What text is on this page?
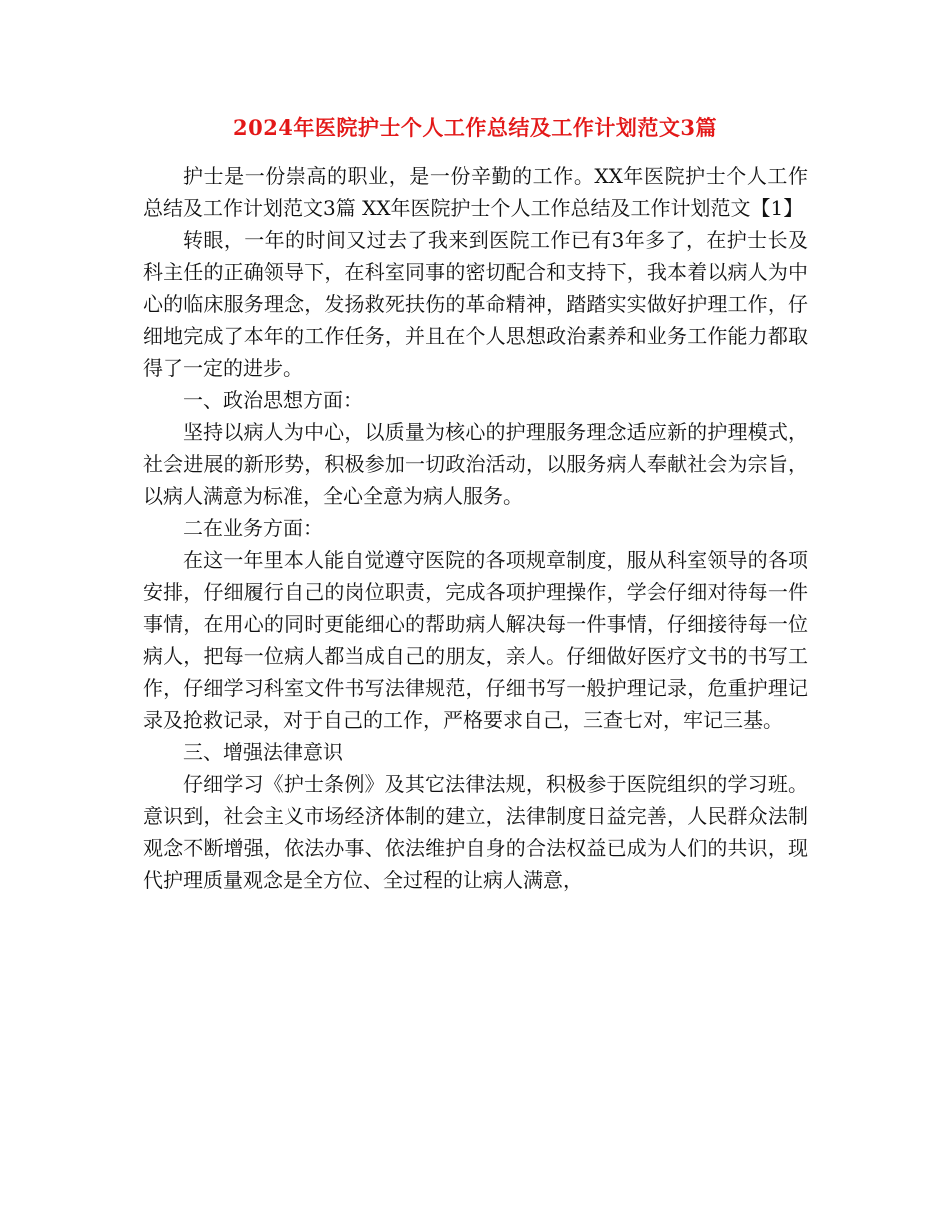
2024年医院护士个人工作总结及工作计划范文3篇

护士是一份崇高的职业，是一份辛勤的工作。XX年医院护士个人工作总结及工作计划范文3篇 XX年医院护士个人工作总结及工作计划范文【1】

转眼，一年的时间又过去了我来到医院工作已有3年多了，在护士长及科主任的正确领导下，在科室同事的密切配合和支持下，我本着以病人为中心的临床服务理念，发扬救死扶伤的革命精神，踏踏实实做好护理工作，仔细地完成了本年的工作任务，并且在个人思想政治素养和业务工作能力都取得了一定的进步。

一、政治思想方面：

坚持以病人为中心，以质量为核心的护理服务理念适应新的护理模式，社会进展的新形势，积极参加一切政治活动，以服务病人奉献社会为宗旨，以病人满意为标准，全心全意为病人服务。

二在业务方面：

在这一年里本人能自觉遵守医院的各项规章制度，服从科室领导的各项安排，仔细履行自己的岗位职责，完成各项护理操作，学会仔细对待每一件事情，在用心的同时更能细心的帮助病人解决每一件事情，仔细接待每一位病人，把每一位病人都当成自己的朋友，亲人。仔细做好医疗文书的书写工作，仔细学习科室文件书写法律规范，仔细书写一般护理记录，危重护理记录及抢救记录，对于自己的工作，严格要求自己，三查七对，牢记三基。

三、增强法律意识

仔细学习《护士条例》及其它法律法规，积极参于医院组织的学习班。意识到，社会主义市场经济体制的建立，法律制度日益完善，人民群众法制观念不断增强，依法办事、依法维护自身的合法权益已成为人们的共识，现代护理质量观念是全方位、全过程的让病人满意，
